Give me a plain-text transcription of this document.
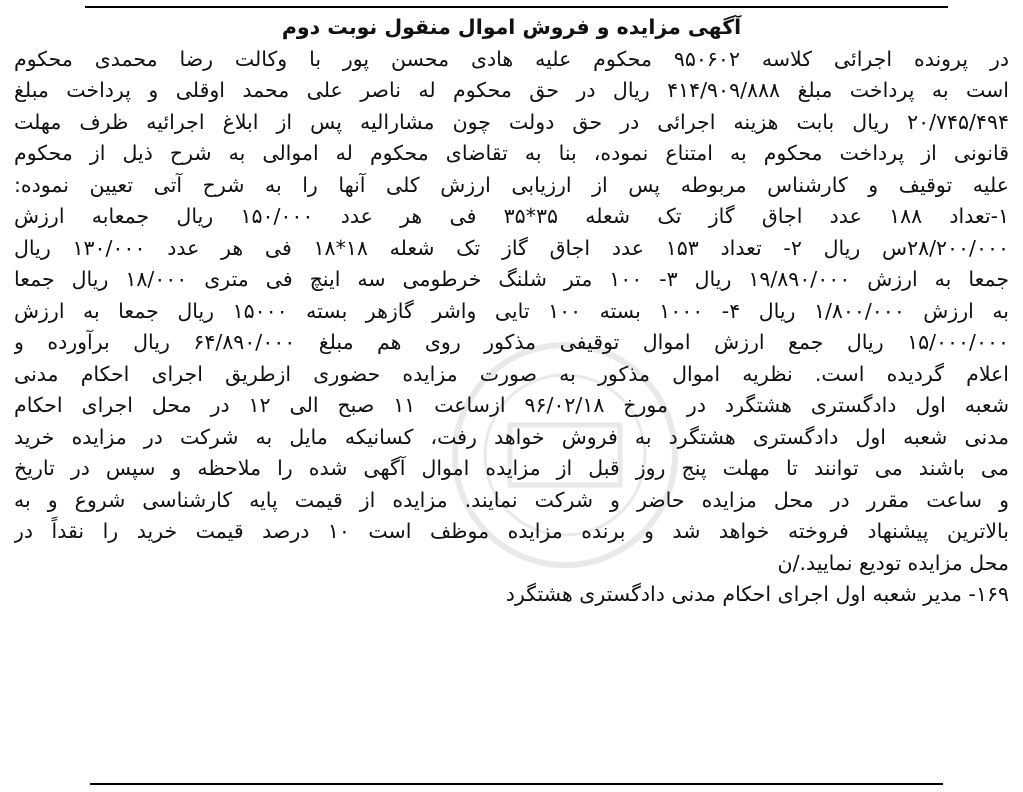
آگهی مزایده و فروش اموال منقول نوبت دوم
در پرونده اجرائی کلاسه ۹۵۰۶۰۲ محکوم علیه هادی محسن پور با وکالت رضا محمدی محکوم
است به پرداخت مبلغ ۴۱۴/۹۰۹/۸۸۸ ریال در حق محکوم له ناصر علی محمد اوقلی و پرداخت مبلغ
۲۰/۷۴۵/۴۹۴ ریال بابت هزینه اجرائی در حق دولت چون مشارالیه پس از ابلاغ اجرائیه ظرف مهلت
قانونی از پرداخت محکوم به امتناع نموده، بنا به تقاضای محکوم له اموالی به شرح ذیل از محکوم
علیه توقیف و کارشناس مربوطه پس از ارزیابی ارزش کلی آنها را به شرح آتی تعیین نموده:
۱-تعداد ۱۸۸ عدد اجاق گاز تک شعله ۳۵*۳۵ فی هر عدد ۱۵۰/۰۰۰ ریال جمعابه ارزش
۲۸/۲۰۰/۰۰۰س ریال ۲- تعداد ۱۵۳ عدد اجاق گاز تک شعله ۱۸*۱۸ فی هر عدد ۱۳۰/۰۰۰ ریال
جمعا به ارزش ۱۹/۸۹۰/۰۰۰ ریال ۳- ۱۰۰ متر شلنگ خرطومی سه اینچ فی متری ۱۸/۰۰۰ ریال جمعا
به ارزش ۱/۸۰۰/۰۰۰ ریال ۴- ۱۰۰۰ بسته ۱۰۰ تایی واشر گازهر بسته ۱۵۰۰۰ ریال جمعا به ارزش
۱۵/۰۰۰/۰۰۰ ریال جمع ارزش اموال توقیفی مذکور روی هم مبلغ ۶۴/۸۹۰/۰۰۰ ریال برآورده و
اعلام گردیده است. نظریه اموال مذکور به صورت مزایده حضوری ازطریق اجرای احکام مدنی
شعبه اول دادگستری هشتگرد در مورخ ۹۶/۰۲/۱۸ ازساعت ۱۱ صبح الی ۱۲ در محل اجرای احکام
مدنی شعبه اول دادگستری هشتگرد به فروش خواهد رفت، کسانیکه مایل به شرکت در مزایده خرید
می باشند می توانند تا مهلت پنج روز قبل از مزایده اموال آگهی شده را ملاحظه و سپس در تاریخ
و ساعت مقرر در محل مزایده حاضر و شرکت نمایند. مزایده از قیمت پایه کارشناسی شروع و به
بالاترین پیشنهاد فروخته خواهد شد و برنده مزایده موظف است ۱۰ درصد قیمت خرید را نقداً در
محل مزایده توديع نمایید./ن
۱۶۹- مدیر شعبه اول اجرای احکام مدنی دادگستری هشتگرد
